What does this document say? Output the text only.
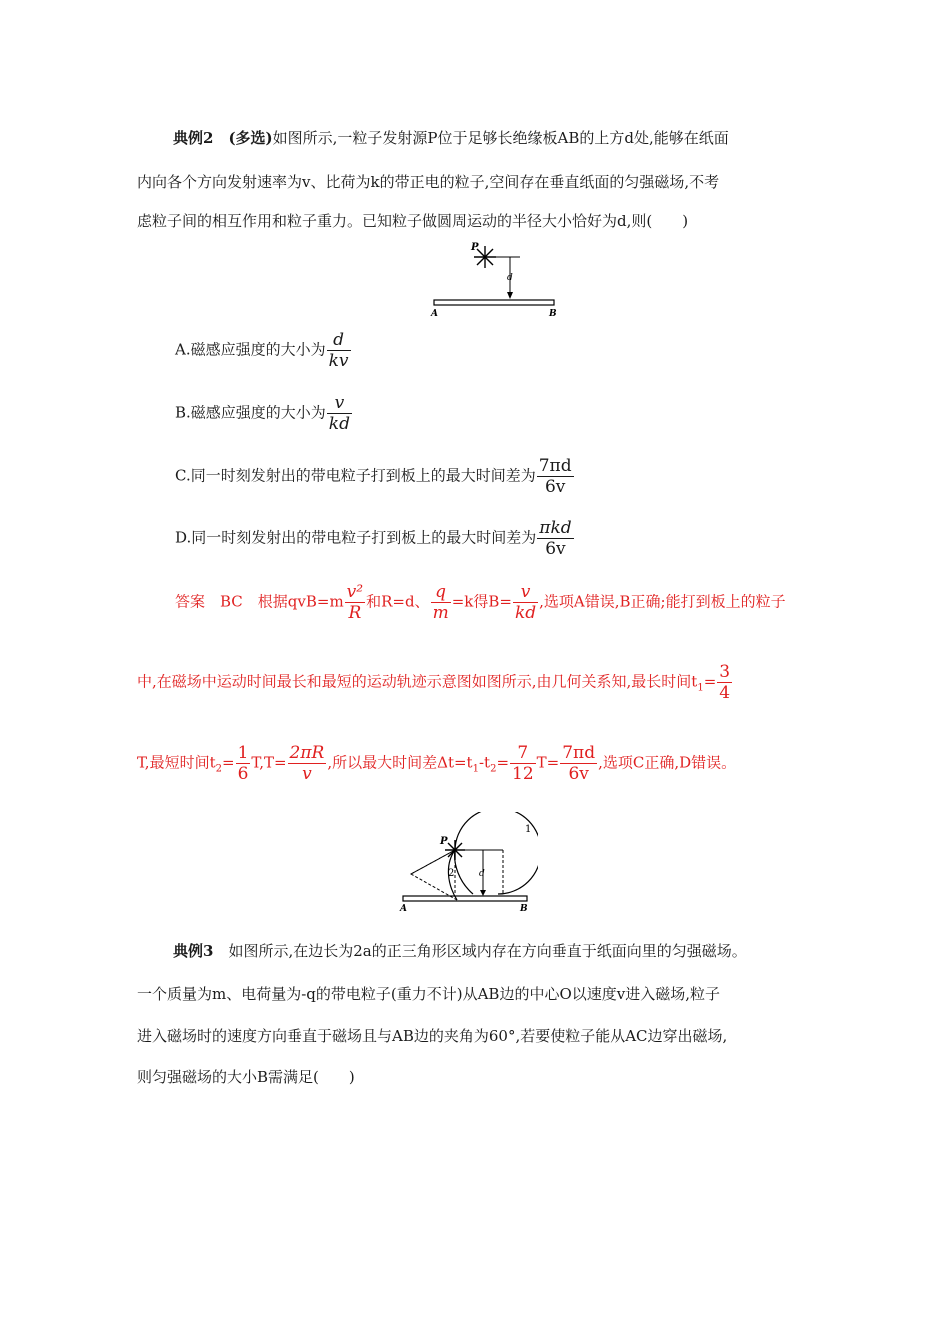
典例2　 (多选)如图所示,一粒子发射源P位于足够长绝缘板AB的上方d处,能够在纸面
内向各个方向发射速率为v、比荷为k的带正电的粒子,空间存在垂直纸面的匀强磁场,不考
虑粒子间的相互作用和粒子重力。已知粒子做圆周运动的半径大小恰好为d,则(　　)
P
d
A	B
A.磁感应强度的大小为 $\frac{d}{kv}$
B.磁感应强度的大小为 $\frac{v}{kd}$
C.同一时刻发射出的带电粒子打到板上的最大时间差为 $\frac{7\pi d}{6v}$
D.同一时刻发射出的带电粒子打到板上的最大时间差为 $\frac{\text{πkd}}{6v}$
答案　BC　根据$qvB=m \frac{\text{v²}}{R}$ 和R=d、 $\frac{q}{m} =k$得$B= \frac{v}{kd}$ ,选项A错误,B正确;能打到板上的粒子
中,在磁场中运动时间最长和最短的运动轨迹示意图如图所示,由几何关系知,最长时间$t_1= \frac{3}{4}$
T,最短时间$t_2= \frac{1}{6} T,T= \frac{2\pi R}{v}$ ,所以最大时间差$\Delta t=t_1-t_2= \frac{7}{12} T= \frac{7\pi d}{6v}$ ,选项C正确,D错误。
P
d
1
2
A	B
典例3　 如图所示,在边长为2a的正三角形区域内存在方向垂直于纸面向里的匀强磁场。
一个质量为m、电荷量为-q的带电粒子(重力不计)从AB边的中心O以速度v进入磁场,粒子
进入磁场时的速度方向垂直于磁场且与AB边的夹角为60°,若要使粒子能从AC边穿出磁场,
则匀强磁场的大小B需满足(　　)
